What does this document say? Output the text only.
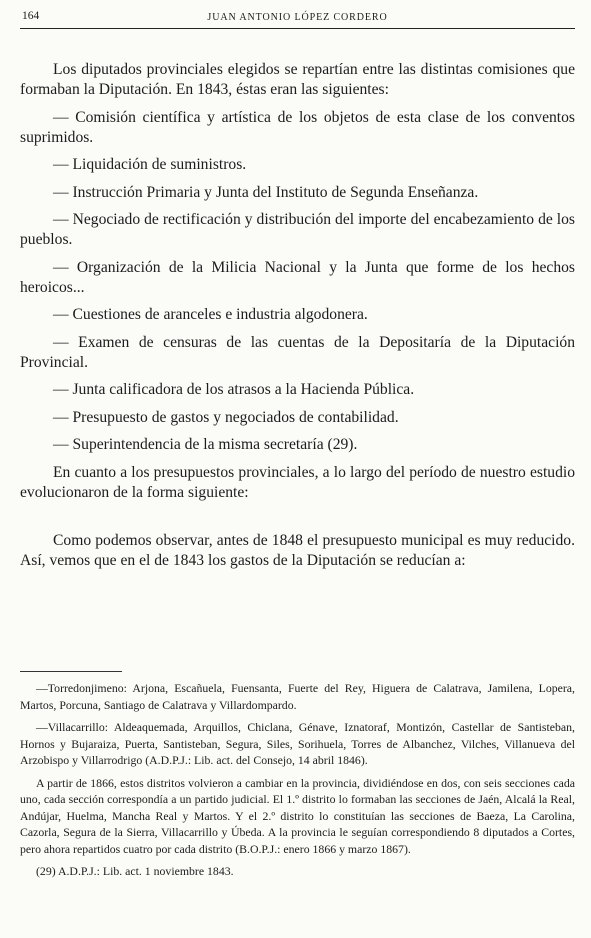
164	JUAN ANTONIO LÓPEZ CORDERO

Los diputados provinciales elegidos se repartían entre las distintas comisiones que formaban la Diputación. En 1843, éstas eran las siguientes:

— Comisión científica y artística de los objetos de esta clase de los conventos suprimidos.

— Liquidación de suministros.

— Instrucción Primaria y Junta del Instituto de Segunda Enseñanza.

— Negociado de rectificación y distribución del importe del encabezamiento de los pueblos.

— Organización de la Milicia Nacional y la Junta que forme de los hechos heroicos...

— Cuestiones de aranceles e industria algodonera.

— Examen de censuras de las cuentas de la Depositaría de la Diputación Provincial.

— Junta calificadora de los atrasos a la Hacienda Pública.

— Presupuesto de gastos y negociados de contabilidad.

— Superintendencia de la misma secretaría (29).

En cuanto a los presupuestos provinciales, a lo largo del período de nuestro estudio evolucionaron de la forma siguiente:

Como podemos observar, antes de 1848 el presupuesto municipal es muy reducido. Así, vemos que en el de 1843 los gastos de la Diputación se reducían a:

—Torredonjimeno: Arjona, Escañuela, Fuensanta, Fuerte del Rey, Higuera de Calatrava, Jamilena, Lopera, Martos, Porcuna, Santiago de Calatrava y Villardompardo.

—Villacarrillo: Aldeaquemada, Arquillos, Chiclana, Génave, Iznatoraf, Montizón, Castellar de Santisteban, Hornos y Bujaraiza, Puerta, Santisteban, Segura, Siles, Sorihuela, Torres de Albanchez, Vilches, Villanueva del Arzobispo y Villarrodrigo (A.D.P.J.: Lib. act. del Consejo, 14 abril 1846).

A partir de 1866, estos distritos volvieron a cambiar en la provincia, dividiéndose en dos, con seis secciones cada uno, cada sección correspondía a un partido judicial. El 1.º distrito lo formaban las secciones de Jaén, Alcalá la Real, Andújar, Huelma, Mancha Real y Martos. Y el 2.º distrito lo constituían las secciones de Baeza, La Carolina, Cazorla, Segura de la Sierra, Villacarrillo y Úbeda. A la provincia le seguían correspondiendo 8 diputados a Cortes, pero ahora repartidos cuatro por cada distrito (B.O.P.J.: enero 1866 y marzo 1867).

(29) A.D.P.J.: Lib. act. 1 noviembre 1843.
